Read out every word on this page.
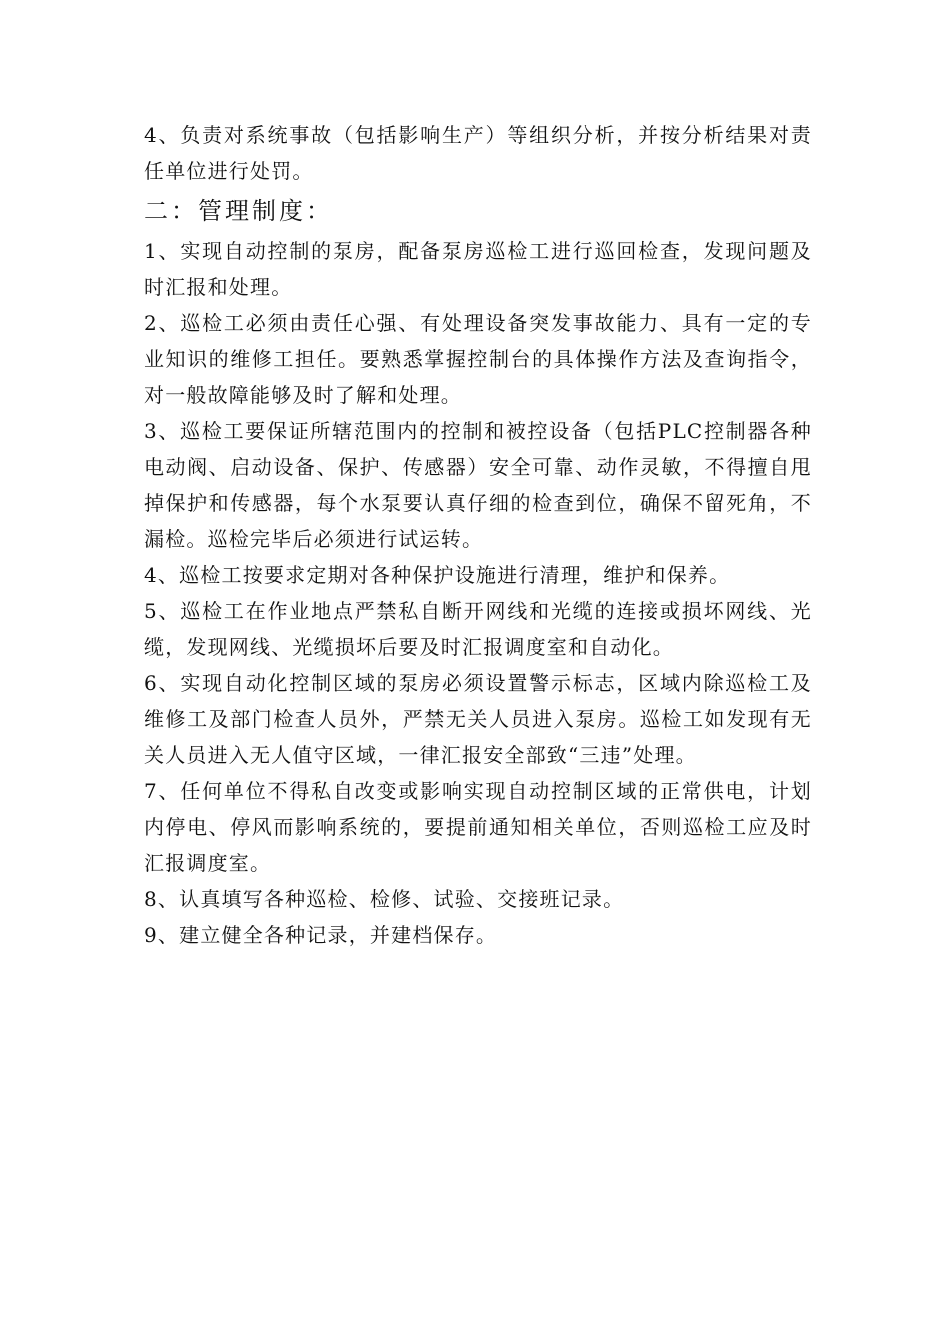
4、负责对系统事故（包括影响生产）等组织分析，并按分析结果对责任单位进行处罚。

二：管理制度：

1、实现自动控制的泵房，配备泵房巡检工进行巡回检查，发现问题及时汇报和处理。

2、巡检工必须由责任心强、有处理设备突发事故能力、具有一定的专业知识的维修工担任。要熟悉掌握控制台的具体操作方法及查询指令，对一般故障能够及时了解和处理。

3、巡检工要保证所辖范围内的控制和被控设备（包括PLC控制器各种电动阀、启动设备、保护、传感器）安全可靠、动作灵敏，不得擅自甩掉保护和传感器，每个水泵要认真仔细的检查到位，确保不留死角，不漏检。巡检完毕后必须进行试运转。

4、巡检工按要求定期对各种保护设施进行清理，维护和保养。

5、巡检工在作业地点严禁私自断开网线和光缆的连接或损坏网线、光缆，发现网线、光缆损坏后要及时汇报调度室和自动化。

6、实现自动化控制区域的泵房必须设置警示标志，区域内除巡检工及维修工及部门检查人员外，严禁无关人员进入泵房。巡检工如发现有无关人员进入无人值守区域，一律汇报安全部致“三违”处理。

7、任何单位不得私自改变或影响实现自动控制区域的正常供电，计划内停电、停风而影响系统的，要提前通知相关单位，否则巡检工应及时汇报调度室。

8、认真填写各种巡检、检修、试验、交接班记录。

9、建立健全各种记录，并建档保存。
